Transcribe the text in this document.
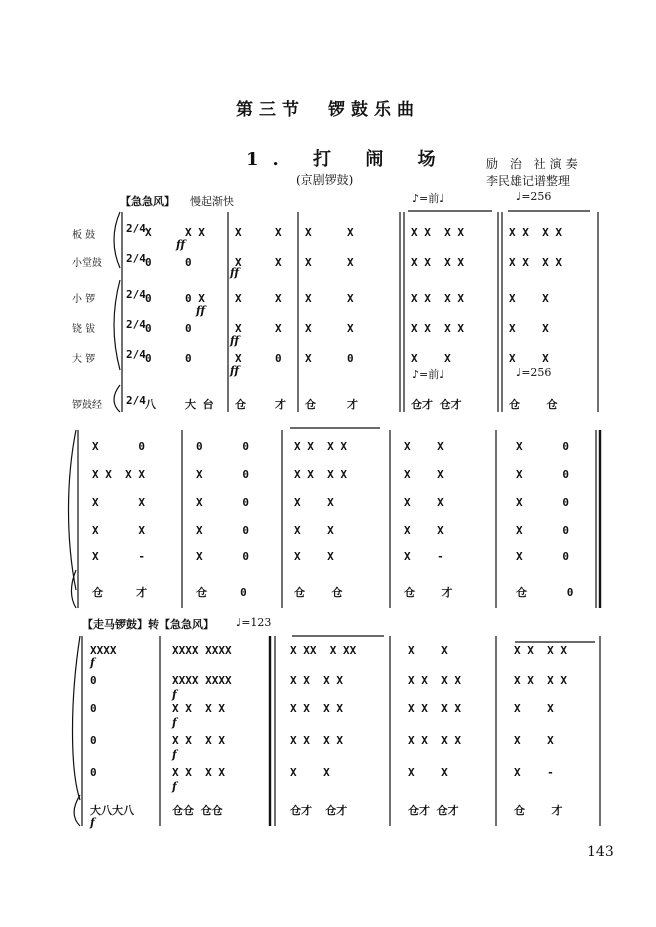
第三节　锣鼓乐曲
1. 打 闹 场
(京剧锣鼓)
励 治 社演奏
李民雄记谱整理
【急急风】 慢起渐快	♪=前♩	♩=256
♪=前♩	♩=256
板 鼓
小堂鼓
小 锣
铙 钹
大 锣
锣鼓经
2/4
2/4
2/4
2/4
2/4
2/4
X	X X	X	X X	X	X X  X X	X X  X X
0	0	X	X X	X	X X  X X	X X  X X
0	0 X	X	X X	X	X X  X X	X    X
0	0	X	X X	X	X X  X X	X    X
0	0	X	0 X	0	X    X	X    X
八	大 台 仓	才 仓	才	仓才 仓才	仓    仓
ff
ff
ff
ff
ff
X      0	0      0	X X  X X	X    X	X      0
X X  X X	X      0	X X  X X	X    X	X      0
X      X	X      0	X    X	X    X	X      0
X      X	X      0	X    X	X    X	X      0
X      -	X      0	X    X	X    -	X      0
仓     才	仓     0	仓    仓	仓    才	仓      0
【走马锣鼓】转【急急风】 ♩=123
XXXX	XXXX XXXX	X XX  X XX	X    X	X X  X X
0	XXXX XXXX	X X  X X	X X  X X	X X  X X
0	X X  X X	X X  X X	X X  X X	X    X
0	X X  X X	X X  X X	X X  X X	X    X
0	X X  X X	X    X	X    X	X    -
大八大八	仓仓 仓仓	仓才  仓才	仓才 仓才	仓    才
f
f
f
f
f
f
143
